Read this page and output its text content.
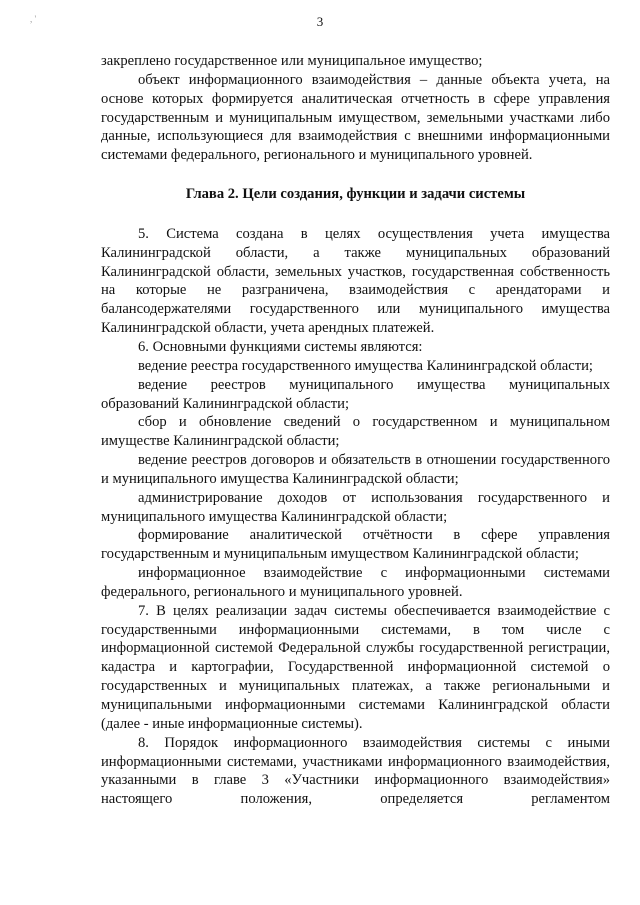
3
, '

закреплено государственное или муниципальное имущество;

объект информационного взаимодействия – данные объекта учета, на основе которых формируется аналитическая отчетность в сфере управления государственным и муниципальным имуществом, земельными участками либо данные, использующиеся для взаимодействия с внешними информационными системами федерального, регионального и муниципального уровней.

Глава 2. Цели создания, функции и задачи системы

5. Система создана в целях осуществления учета имущества Калининградской области, а также муниципальных образований Калининградской области, земельных участков, государственная собственность на которые не разграничена, взаимодействия с арендаторами и балансодержателями государственного или муниципального имущества Калининградской области, учета арендных платежей.

6. Основными функциями системы являются:

ведение реестра государственного имущества Калининградской области;

ведение реестров муниципального имущества муниципальных образований Калининградской области;

сбор и обновление сведений о государственном и муниципальном имуществе Калининградской области;

ведение реестров договоров и обязательств в отношении государственного и муниципального имущества Калининградской области;

администрирование доходов от использования государственного и муниципального имущества Калининградской области;

формирование аналитической отчётности в сфере управления государственным и муниципальным имуществом Калининградской области;

информационное взаимодействие с информационными системами федерального, регионального и муниципального уровней.

7. В целях реализации задач системы обеспечивается взаимодействие с государственными информационными системами, в том числе с информационной системой Федеральной службы государственной регистрации, кадастра и картографии, Государственной информационной системой о государственных и муниципальных платежах, а также региональными и муниципальными информационными системами Калининградской области (далее - иные информационные системы).

8. Порядок информационного взаимодействия системы с иными информационными системами, участниками информационного взаимодействия, указанными в главе 3 «Участники информационного взаимодействия» настоящего положения, определяется регламентом
